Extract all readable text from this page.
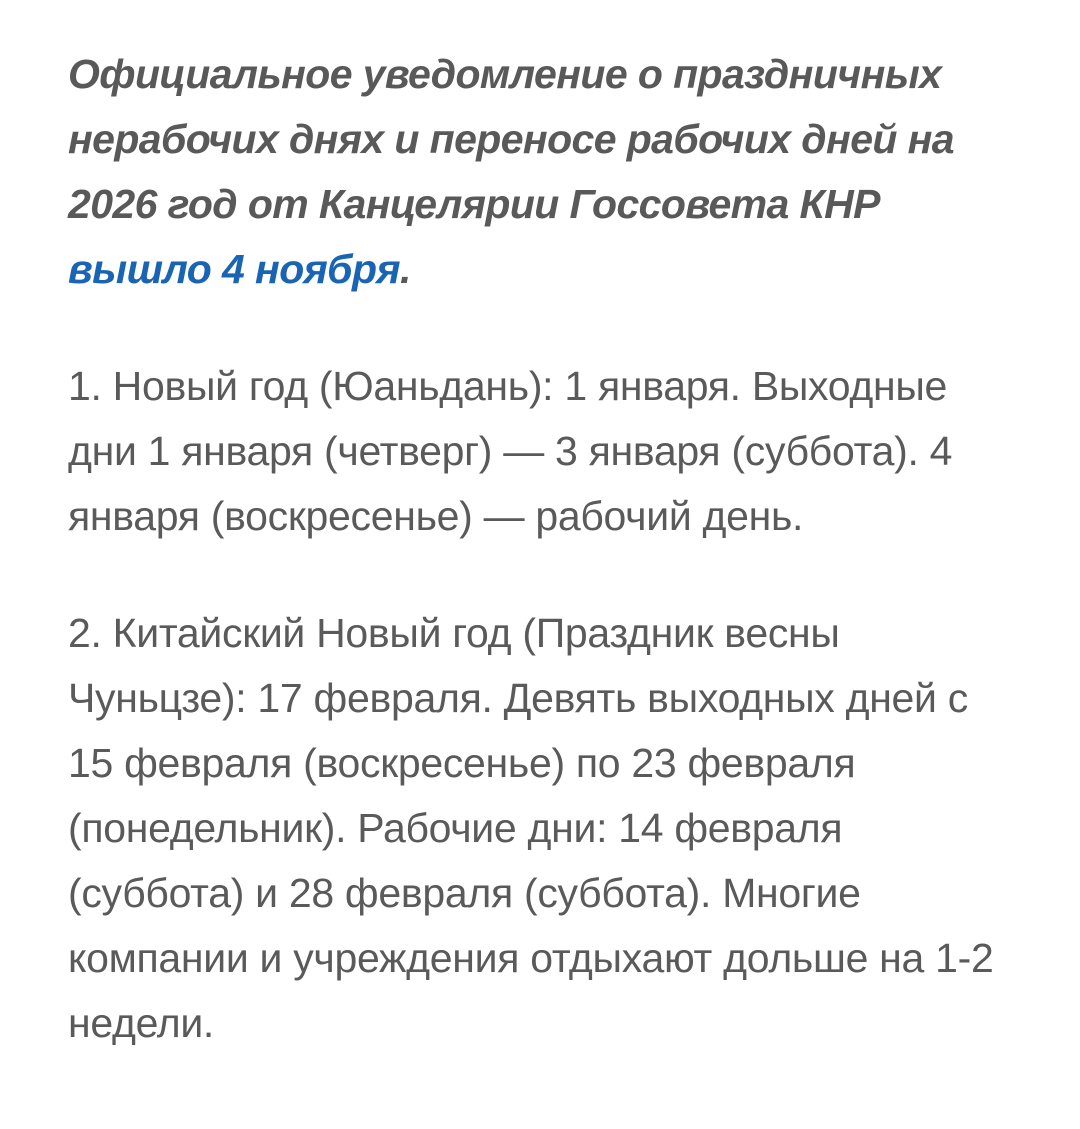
Официальное уведомление о праздничных нерабочих днях и переносе рабочих дней на 2026 год от Канцелярии Госсовета КНР вышло 4 ноября.

1. Новый год (Юаньдань): 1 января. Выходные дни 1 января (четверг) — 3 января (суббота). 4 января (воскресенье) — рабочий день.

2. Китайский Новый год (Праздник весны Чуньцзе): 17 февраля. Девять выходных дней с 15 февраля (воскресенье) по 23 февраля (понедельник). Рабочие дни: 14 февраля (суббота) и 28 февраля (суббота). Многие компании и учреждения отдыхают дольше на 1-2 недели.
